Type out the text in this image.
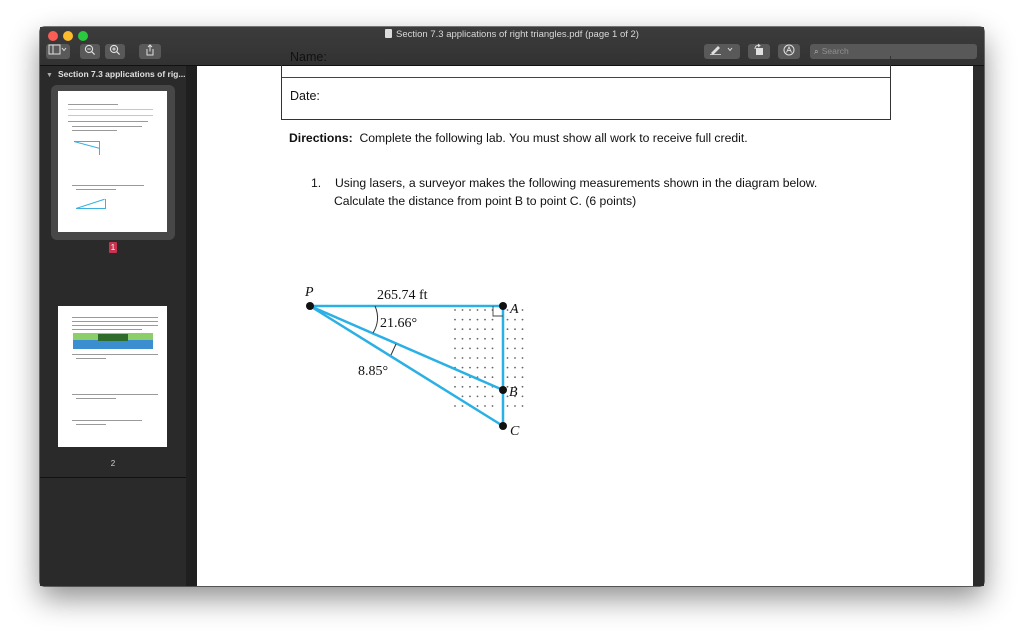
Section 7.3 applications of right triangles.pdf (page 1 of 2)
⌕ Search
▼ Section 7.3 applications of rig...
1
2
Name:
Date:
Directions: Complete the following lab. You must show all work to receive full credit.
1. Using lasers, a surveyor makes the following measurements shown in the diagram below.
Calculate the distance from point B to point C. (6 points)
P
A
B
C
265.74 ft
21.66°
8.85°
